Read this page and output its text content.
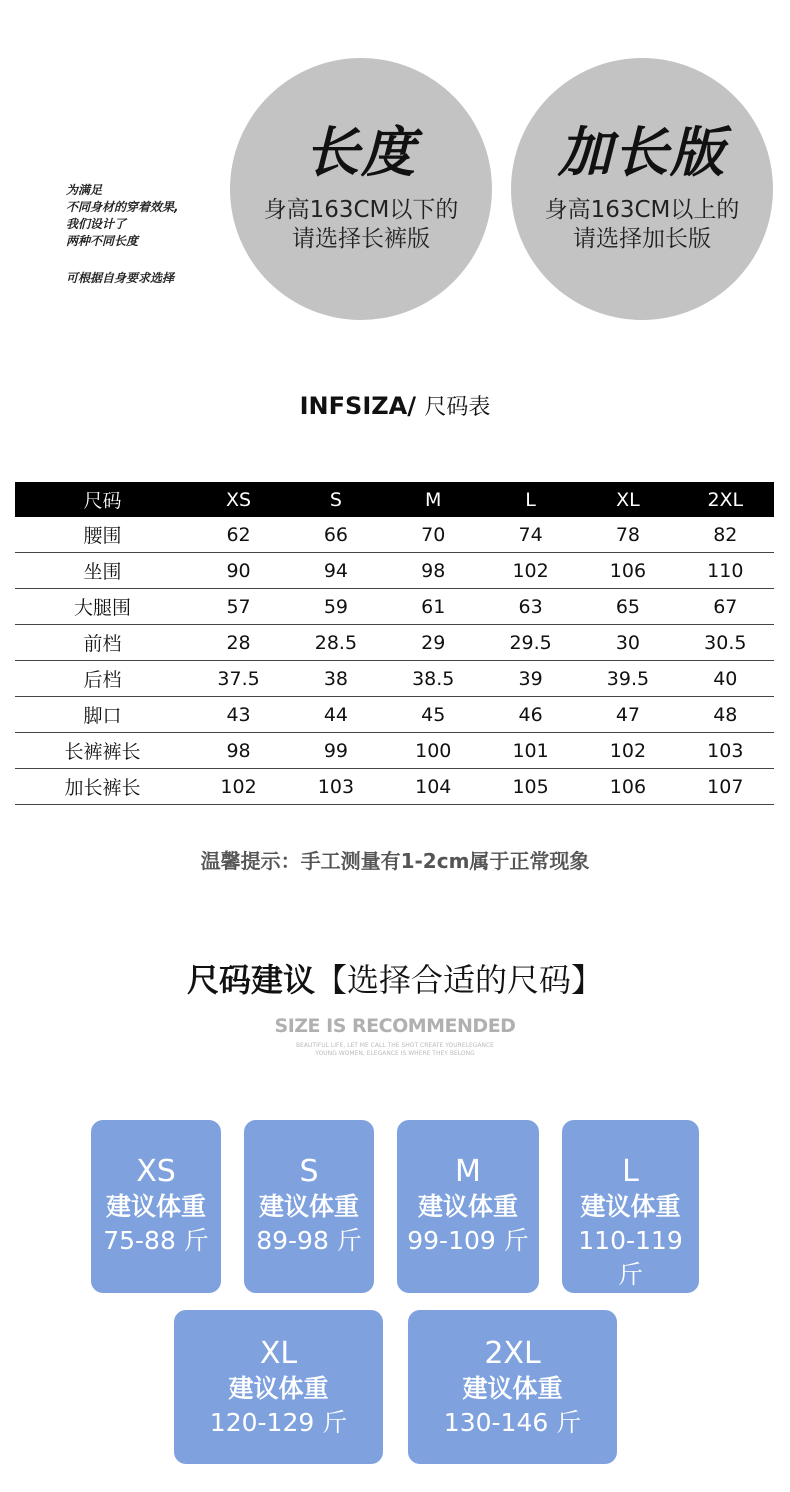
为满足
不同身材的穿着效果,
我们设计了
两种不同长度
可根据自身要求选择
长度
身高163CM以下的
请选择长裤版
加长版
身高163CM以上的
请选择加长版
INFSIZA/ 尺码表
尺码	XS	S	M	L	XL	2XL
腰围	62	66	70	74	78	82
坐围	90	94	98	102	106	110
大腿围	57	59	61	63	65	67
前档	28	28.5	29	29.5	30	30.5
后档	37.5	38	38.5	39	39.5	40
脚口	43	44	45	46	47	48
长裤裤长	98	99	100	101	102	103
加长裤长	102	103	104	105	106	107
温馨提示：手工测量有1-2cm属于正常现象
尺码建议【选择合适的尺码】
SIZE IS RECOMMENDED
BEAUTIFUL LIFE, LET ME CALL THE SHOT CREATE YOURELEGANCE
YOUNG WOMEN, ELEGANCE IS WHERE THEY BELONG
XS
建议体重
75-88 斤
S
建议体重
89-98 斤
M
建议体重
99-109 斤
L
建议体重
110-119 斤
XL
建议体重
120-129 斤
2XL
建议体重
130-146 斤
